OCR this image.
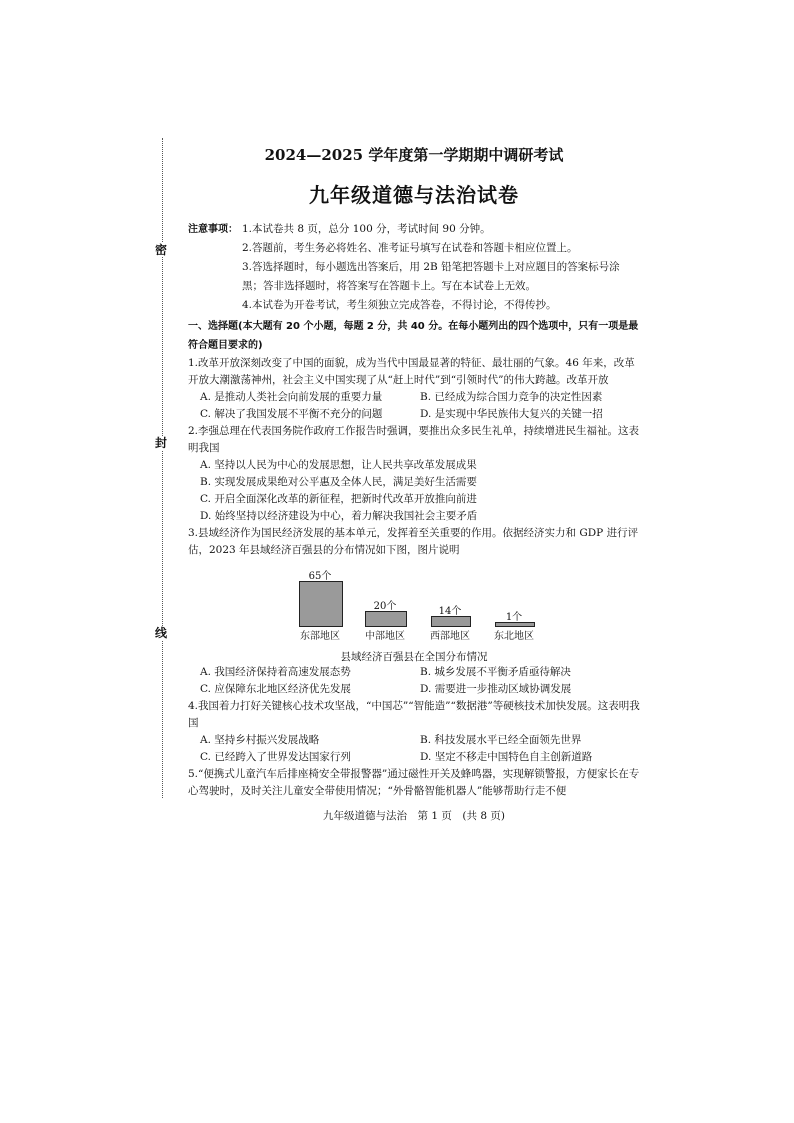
密
封
线
2024—2025 学年度第一学期期中调研考试
九年级道德与法治试卷
注意事项： 1.本试卷共 8 页，总分 100 分，考试时间 90 分钟。
2.答题前，考生务必将姓名、准考证号填写在试卷和答题卡相应位置上。
3.答选择题时，每小题选出答案后，用 2B 铅笔把答题卡上对应题目的答案标号涂黑；答非选择题时，将答案写在答题卡上。写在本试卷上无效。
4.本试卷为开卷考试，考生须独立完成答卷，不得讨论，不得传抄。
一、选择题(本大题有 20 个小题，每题 2 分，共 40 分。在每小题列出的四个选项中，只有一项是最符合题目要求的)
1.改革开放深刻改变了中国的面貌，成为当代中国最显著的特征、最壮丽的气象。46 年来，改革开放大潮激荡神州，社会主义中国实现了从“赶上时代”到“引领时代”的伟大跨越。改革开放
A. 是推动人类社会向前发展的重要力量	B. 已经成为综合国力竞争的决定性因素
C. 解决了我国发展不平衡不充分的问题	D. 是实现中华民族伟大复兴的关键一招
2.李强总理在代表国务院作政府工作报告时强调，要推出众多民生礼单，持续增进民生福祉。这表明我国
A. 坚持以人民为中心的发展思想，让人民共享改革发展成果
B. 实现发展成果绝对公平惠及全体人民，满足美好生活需要
C. 开启全面深化改革的新征程，把新时代改革开放推向前进
D. 始终坚持以经济建设为中心，着力解决我国社会主要矛盾
3.县域经济作为国民经济发展的基本单元，发挥着至关重要的作用。依据经济实力和 GDP 进行评估，2023 年县域经济百强县的分布情况如下图，图片说明
65个
东部地区
20个
中部地区
14个
西部地区
1个
东北地区
县域经济百强县在全国分布情况
A. 我国经济保持着高速发展态势	B. 城乡发展不平衡矛盾亟待解决
C. 应保障东北地区经济优先发展	D. 需要进一步推动区域协调发展
4.我国着力打好关键核心技术攻坚战，“中国芯”“智能造”“数据港”等硬核技术加快发展。这表明我国
A. 坚持乡村振兴发展战略	B. 科技发展水平已经全面领先世界
C. 已经跨入了世界发达国家行列	D. 坚定不移走中国特色自主创新道路
5.“便携式儿童汽车后排座椅安全带报警器”通过磁性开关及蜂鸣器，实现解锁警报，方便家长在专心驾驶时，及时关注儿童安全带使用情况；“外骨骼智能机器人”能够帮助行走不便
九年级道德与法治　第 1 页　(共 8 页)
